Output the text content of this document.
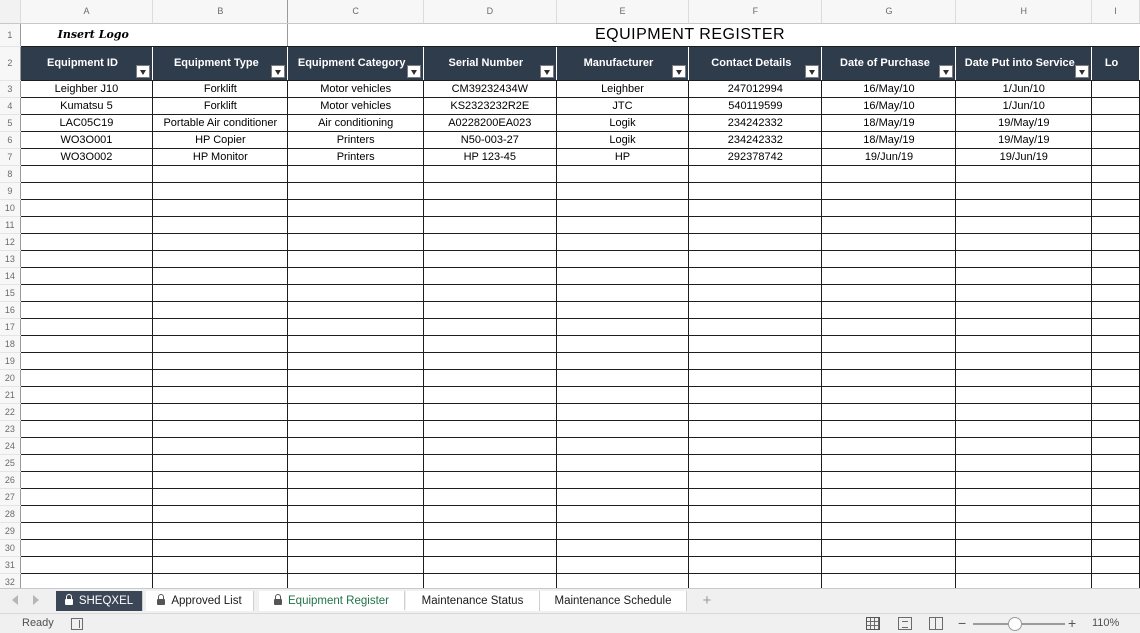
	A	B	C	D	E	F	G	H	I
1	Insert Logo		EQUIPMENT REGISTER						
2	Equipment ID	Equipment Type	Equipment Category	Serial Number	Manufacturer	Contact Details	Date of Purchase	Date Put into Service	Lo
3	Leighber J10	Forklift	Motor vehicles	CM39232434W	Leighber	247012994	16/May/10	1/Jun/10	
4	Kumatsu 5	Forklift	Motor vehicles	KS2323232R2E	JTC	540119599	16/May/10	1/Jun/10	
5	LAC05C19	Portable Air conditioner	Air conditioning	A0228200EA023	Logik	234242332	18/May/19	19/May/19	
6	WO3O001	HP Copier	Printers	N50-003-27	Logik	234242332	18/May/19	19/May/19	
7	WO3O002	HP Monitor	Printers	HP 123-45	HP	292378742	19/Jun/19	19/Jun/19	
8									
9									
10									
11									
12									
13									
14									
15									
16									
17									
18									
19									
20									
21									
22									
23									
24									
25									
26									
27									
28									
29									
30									
31									
32									
SHEQXEL	Approved List	Equipment Register	Maintenance Status	Maintenance Schedule	+
Ready	−	+ 110%
